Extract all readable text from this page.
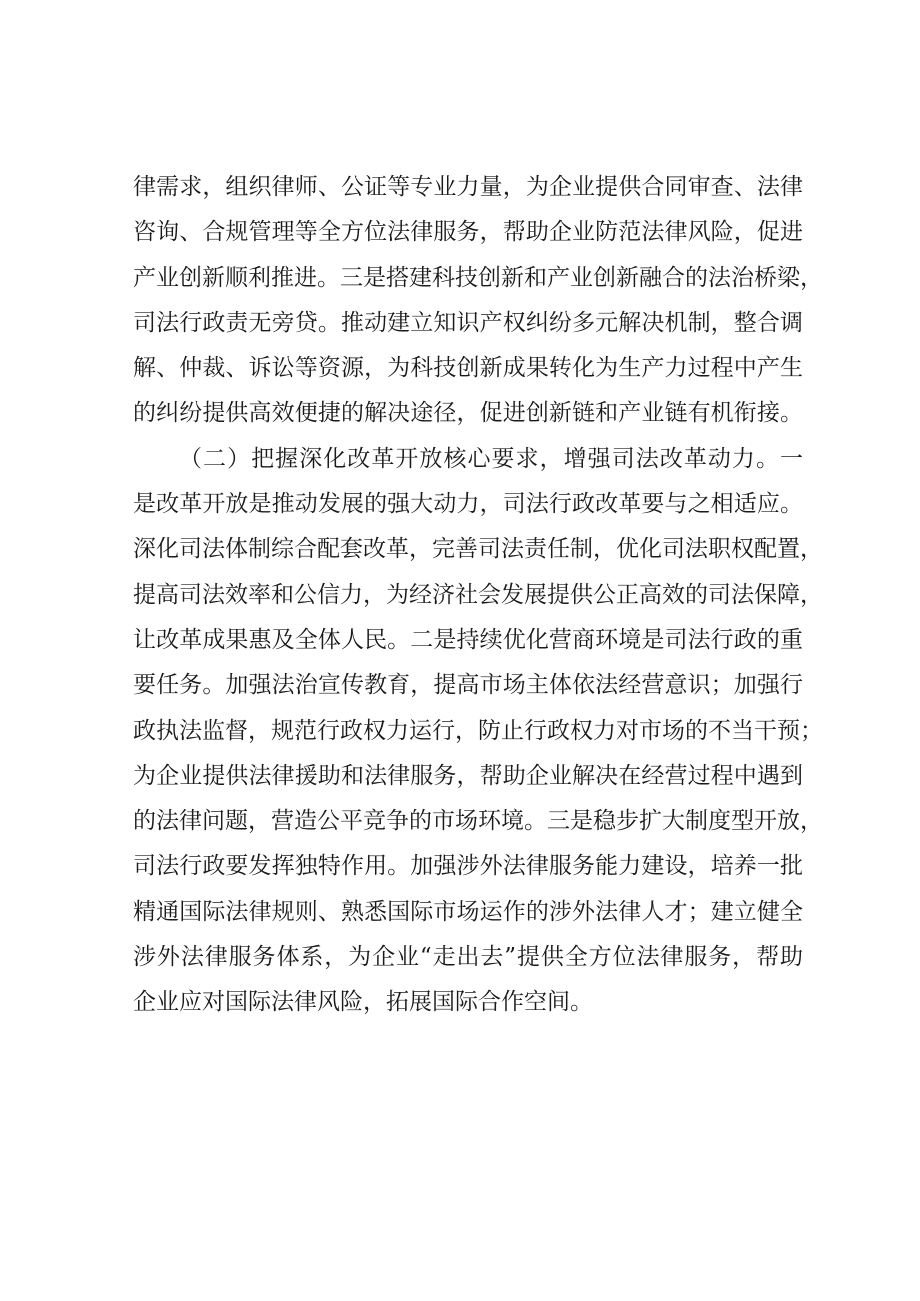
律需求，组织律师、公证等专业力量，为企业提供合同审查、法律
咨询、合规管理等全方位法律服务，帮助企业防范法律风险，促进
产业创新顺利推进。三是搭建科技创新和产业创新融合的法治桥梁，
司法行政责无旁贷。推动建立知识产权纠纷多元解决机制，整合调
解、仲裁、诉讼等资源，为科技创新成果转化为生产力过程中产生
的纠纷提供高效便捷的解决途径，促进创新链和产业链有机衔接。
（二）把握深化改革开放核心要求，增强司法改革动力。一
是改革开放是推动发展的强大动力，司法行政改革要与之相适应。
深化司法体制综合配套改革，完善司法责任制，优化司法职权配置，
提高司法效率和公信力，为经济社会发展提供公正高效的司法保障，
让改革成果惠及全体人民。二是持续优化营商环境是司法行政的重
要任务。加强法治宣传教育，提高市场主体依法经营意识；加强行
政执法监督，规范行政权力运行，防止行政权力对市场的不当干预；
为企业提供法律援助和法律服务，帮助企业解决在经营过程中遇到
的法律问题，营造公平竞争的市场环境。三是稳步扩大制度型开放，
司法行政要发挥独特作用。加强涉外法律服务能力建设，培养一批
精通国际法律规则、熟悉国际市场运作的涉外法律人才；建立健全
涉外法律服务体系，为企业“走出去”提供全方位法律服务，帮助
企业应对国际法律风险，拓展国际合作空间。
